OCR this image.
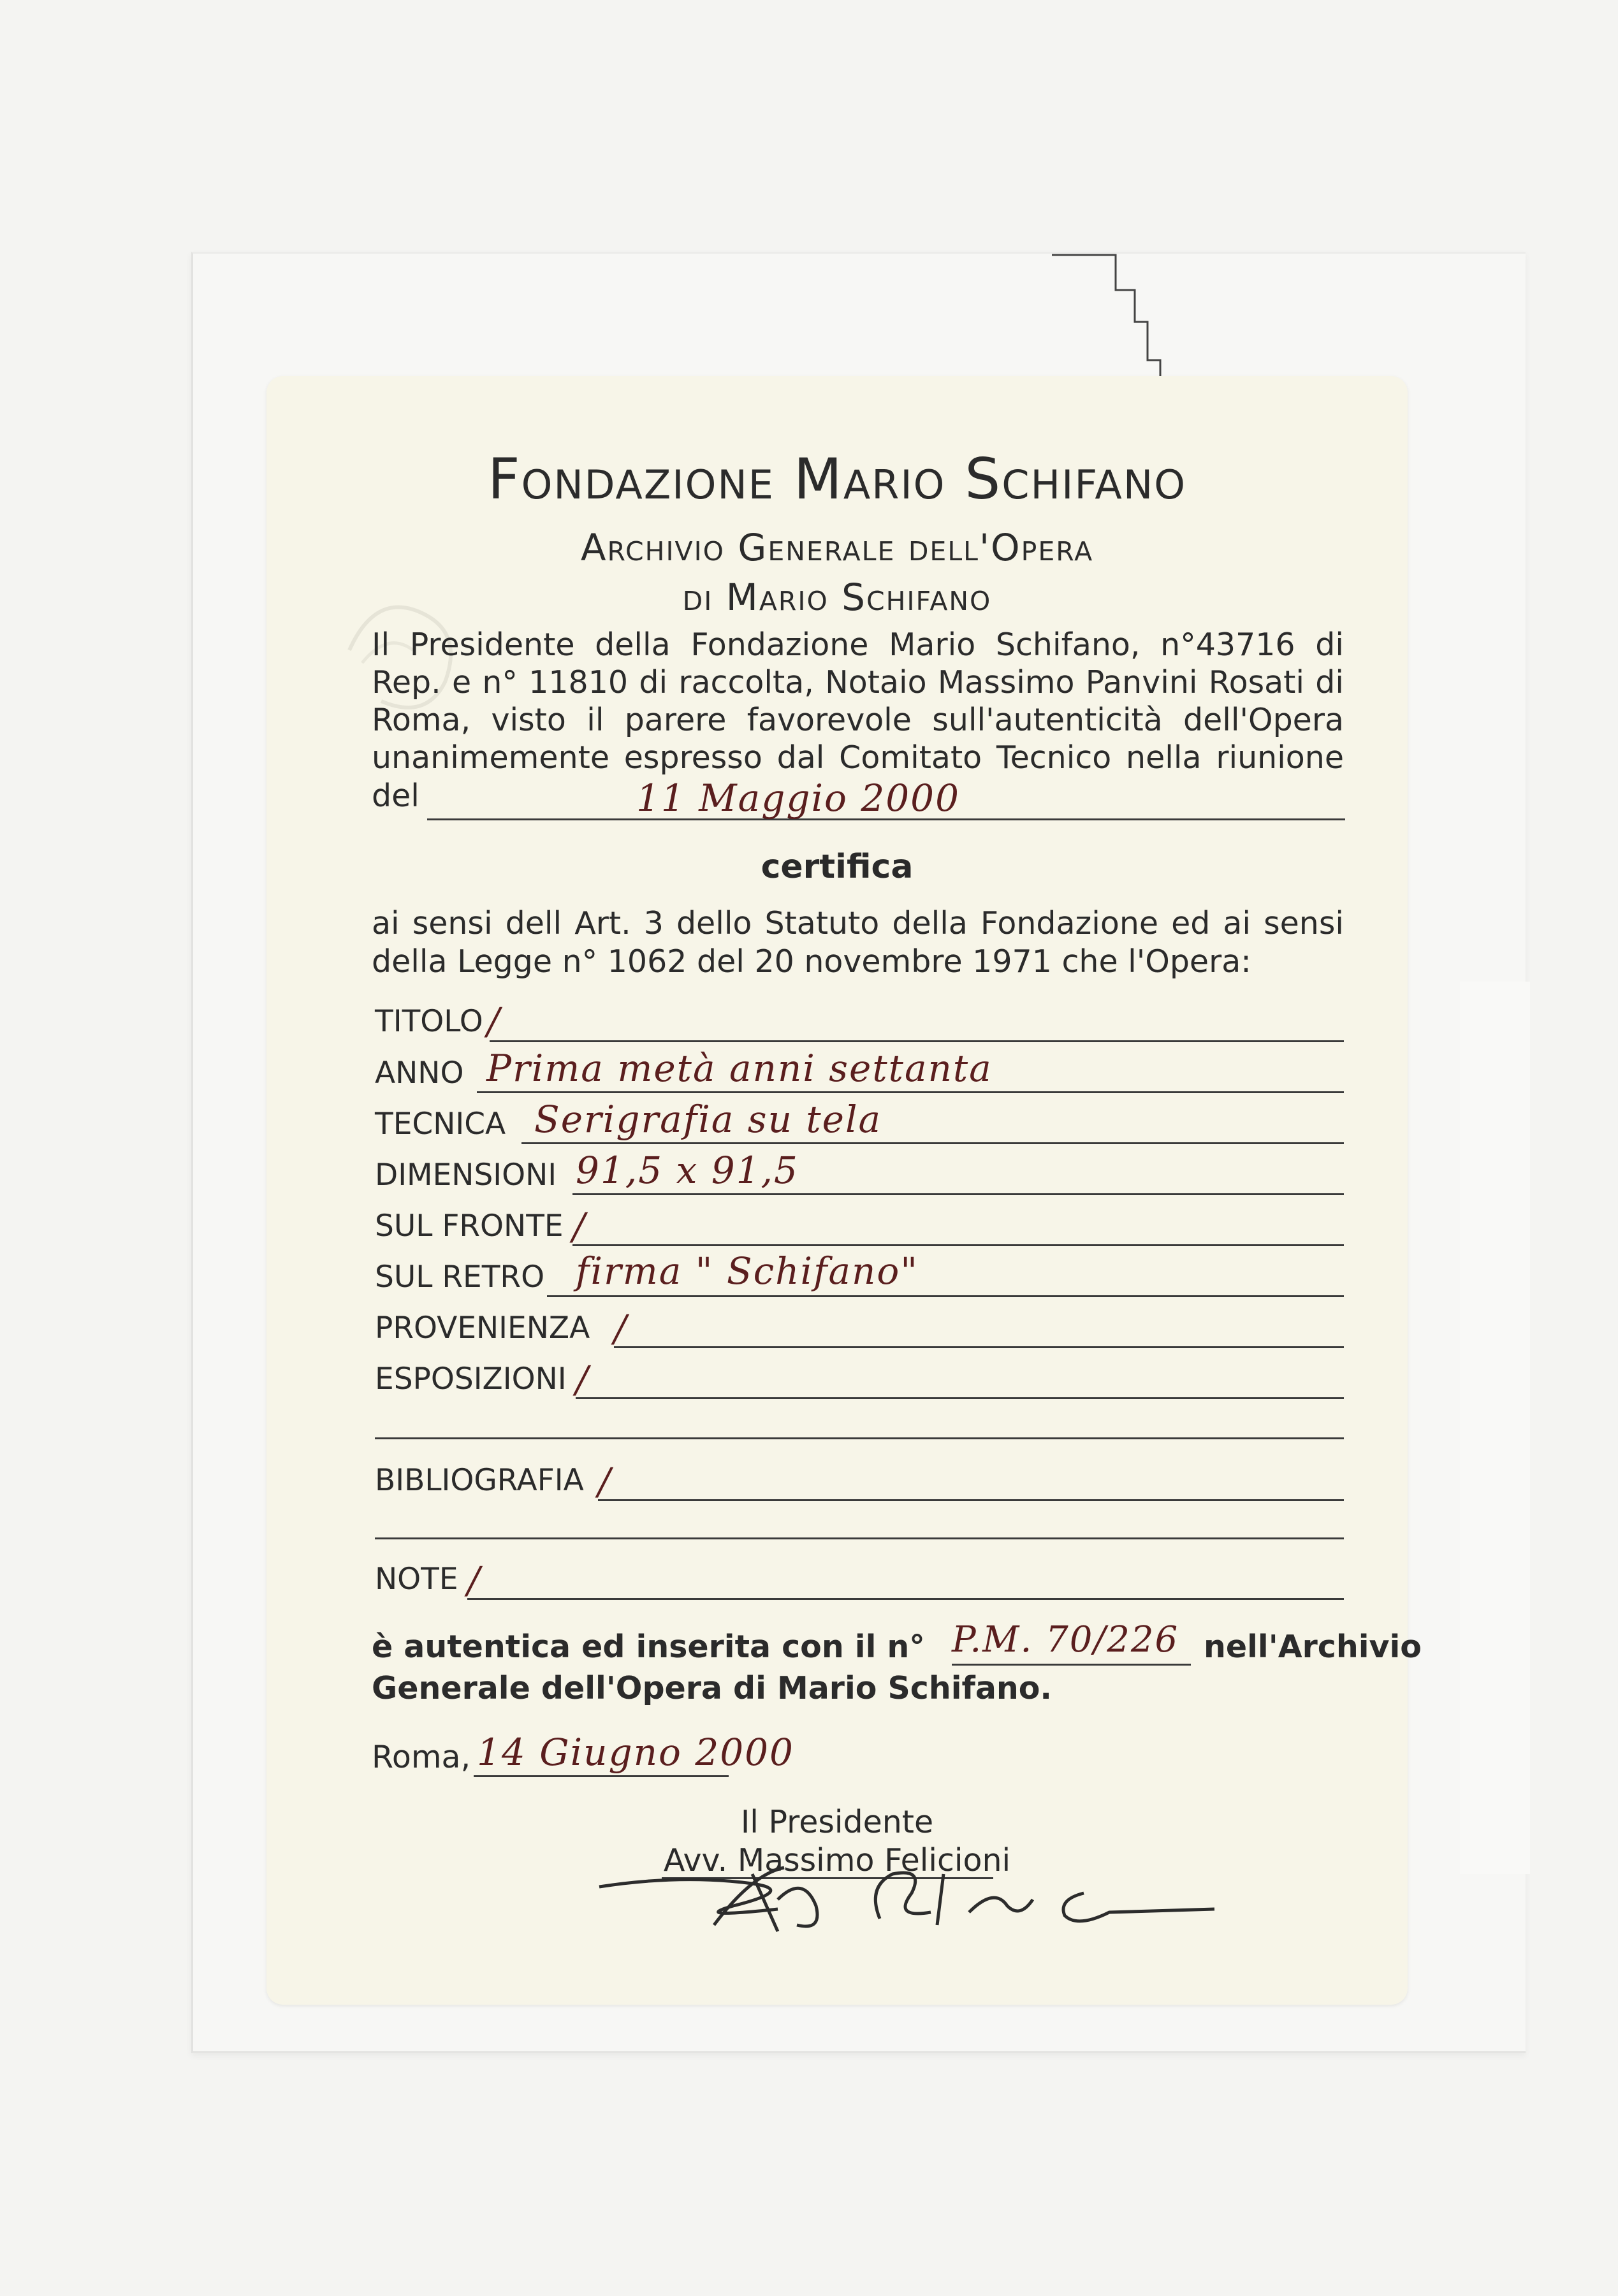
Fondazione Mario Schifano
Archivio Generale dell'Opera
di Mario Schifano
Il Presidente della Fondazione Mario Schifano, n°43716 di
Rep. e n° 11810 di raccolta, Notaio Massimo Panvini Rosati di
Roma, visto il parere favorevole sull'autenticità dell'Opera
unanimemente espresso dal Comitato Tecnico nella riunione
del	11 Maggio 2000
certifica
ai sensi dell Art. 3 dello Statuto della Fondazione ed ai sensi
della Legge n° 1062 del 20 novembre 1971 che l'Opera:
TITOLO /
ANNO Prima metà anni settanta
TECNICA Serigrafia su tela
DIMENSIONI 91,5 x 91,5
SUL FRONTE /
SUL RETRO firma " Schifano"
PROVENIENZA /
ESPOSIZIONI /
BIBLIOGRAFIA /
NOTE /
è autentica ed inserita con il n° P.M. 70/226 nell'Archivio
Generale dell'Opera di Mario Schifano.
Roma, 14 Giugno 2000
Il Presidente
Avv. Massimo Felicioni
